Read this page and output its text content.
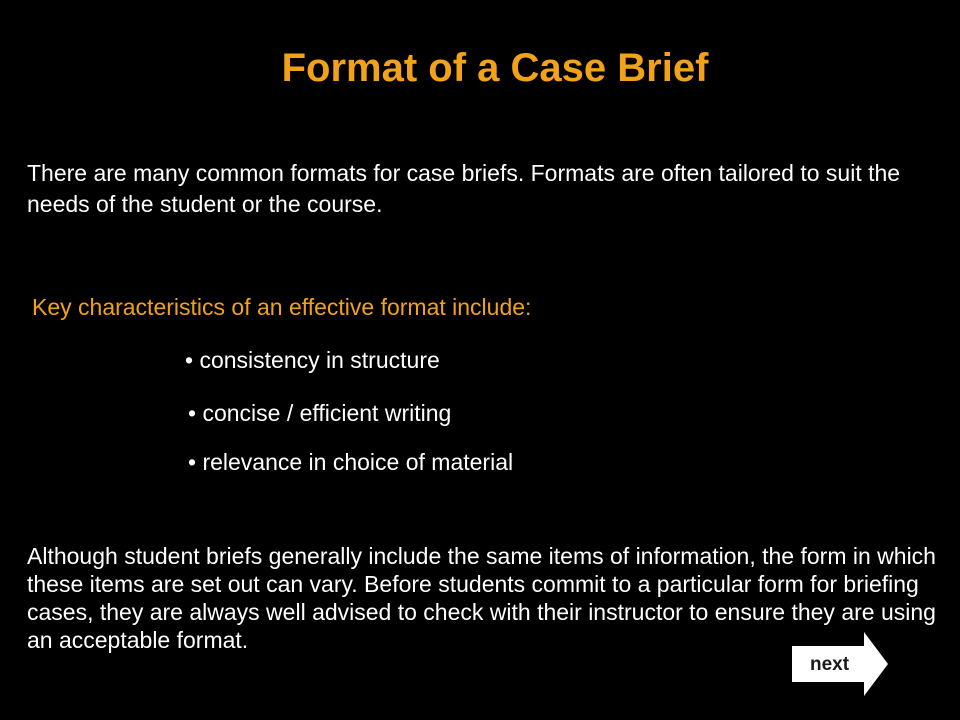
Format of a Case Brief

There are many common formats for case briefs. Formats are often tailored to suit the needs of the student or the course.

Key characteristics of an effective format include:

• consistency in structure

• concise / efficient writing

• relevance in choice of material

Although student briefs generally include the same items of information, the form in which these items are set out can vary. Before students commit to a particular form for briefing cases, they are always well advised to check with their instructor to ensure they are using an acceptable format.

next
